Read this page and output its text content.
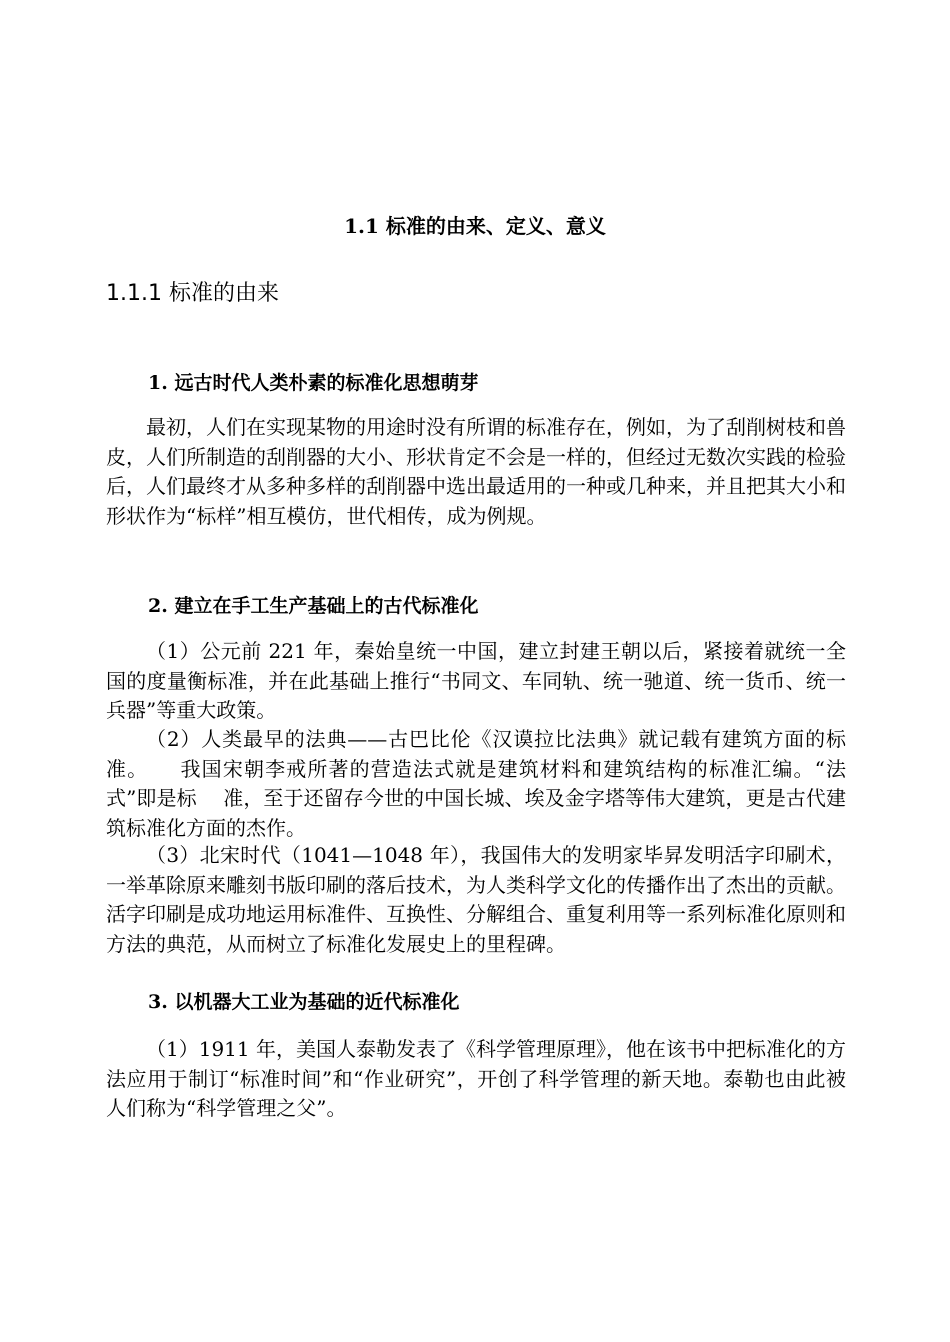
1.1 标准的由来、定义、意义
1.1.1 标准的由来
1. 远古时代人类朴素的标准化思想萌芽

最初，人们在实现某物的用途时没有所谓的标准存在，例如，为了刮削树枝和兽皮，人们所制造的刮削器的大小、形状肯定不会是一样的，但经过无数次实践的检验后，人们最终才从多种多样的刮削器中选出最适用的一种或几种来，并且把其大小和形状作为“标样”相互模仿，世代相传，成为例规。

2. 建立在手工生产基础上的古代标准化

（1）公元前 221 年，秦始皇统一中国，建立封建王朝以后，紧接着就统一全国的度量衡标准，并在此基础上推行“书同文、车同轨、统一驰道、统一货币、统一兵器”等重大政策。

（2）人类最早的法典——古巴比伦《汉谟拉比法典》就记载有建筑方面的标准。　　我国宋朝李戒所著的营造法式就是建筑材料和建筑结构的标准汇编。“法式”即是标　 准，至于还留存今世的中国长城、埃及金字塔等伟大建筑，更是古代建筑标准化方面的杰作。

（3）北宋时代（1041—1048 年），我国伟大的发明家毕昇发明活字印刷术，一举革除原来雕刻书版印刷的落后技术，为人类科学文化的传播作出了杰出的贡献。活字印刷是成功地运用标准件、互换性、分解组合、重复利用等一系列标准化原则和方法的典范，从而树立了标准化发展史上的里程碑。

3. 以机器大工业为基础的近代标准化

（1）1911 年，美国人泰勒发表了《科学管理原理》，他在该书中把标准化的方法应用于制订“标准时间”和“作业研究”，开创了科学管理的新天地。泰勒也由此被人们称为“科学管理之父”。
